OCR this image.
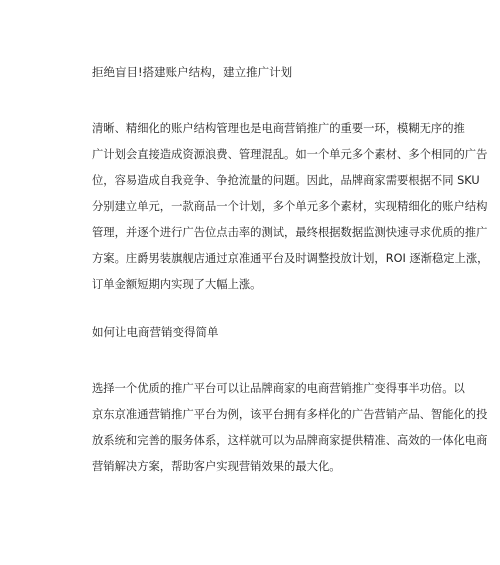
拒绝盲目!搭建账户结构，建立推广计划
清晰、精细化的账户结构管理也是电商营销推广的重要一环，模糊无序的推
广计划会直接造成资源浪费、管理混乱。如一个单元多个素材、多个相同的广告
位，容易造成自我竞争、争抢流量的问题。因此，品牌商家需要根据不同 SKU
分别建立单元，一款商品一个计划，多个单元多个素材，实现精细化的账户结构
管理，并逐个进行广告位点击率的测试，最终根据数据监测快速寻求优质的推广
方案。庄爵男装旗舰店通过京准通平台及时调整投放计划，ROI 逐渐稳定上涨，
订单金额短期内实现了大幅上涨。
如何让电商营销变得简单
选择一个优质的推广平台可以让品牌商家的电商营销推广变得事半功倍。以
京东京准通营销推广平台为例，该平台拥有多样化的广告营销产品、智能化的投
放系统和完善的服务体系，这样就可以为品牌商家提供精准、高效的一体化电商
营销解决方案，帮助客户实现营销效果的最大化。
